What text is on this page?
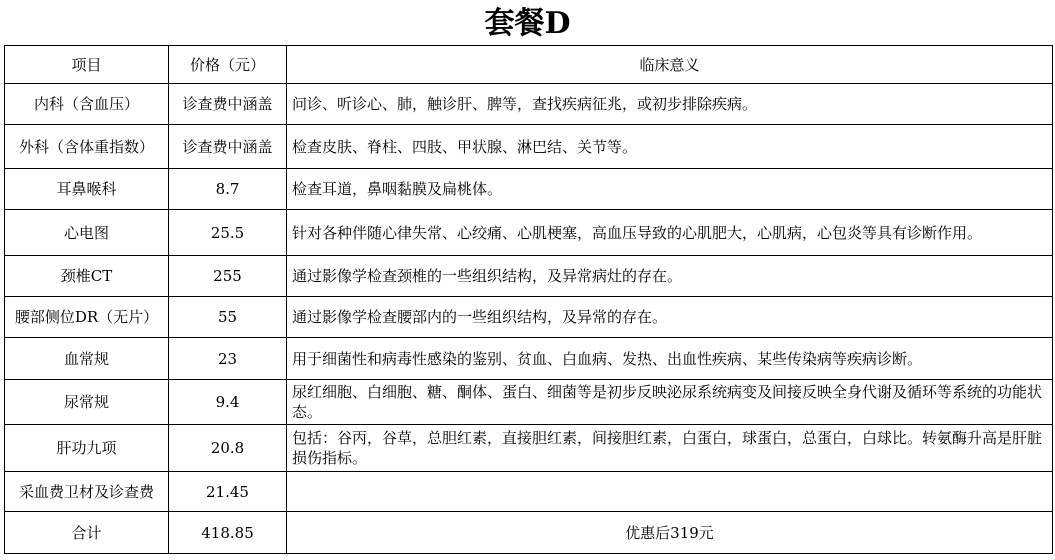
套餐D
项目	价格（元）	临床意义
内科（含血压）	诊查费中涵盖	问诊、听诊心、肺，触诊肝、脾等，查找疾病征兆，或初步排除疾病。
外科（含体重指数）	诊查费中涵盖	检查皮肤、脊柱、四肢、甲状腺、淋巴结、关节等。
耳鼻喉科	8.7	检查耳道，鼻咽黏膜及扁桃体。
心电图	25.5	针对各种伴随心律失常、心绞痛、心肌梗塞，高血压导致的心肌肥大，心肌病，心包炎等具有诊断作用。
颈椎CT	255	通过影像学检查颈椎的一些组织结构，及异常病灶的存在。
腰部侧位DR（无片）	55	通过影像学检查腰部内的一些组织结构，及异常的存在。
血常规	23	用于细菌性和病毒性感染的鉴别、贫血、白血病、发热、出血性疾病、某些传染病等疾病诊断。
尿常规	9.4	尿红细胞、白细胞、糖、酮体、蛋白、细菌等是初步反映泌尿系统病变及间接反映全身代谢及循环等系统的功能状态。
肝功九项	20.8	包括：谷丙，谷草，总胆红素，直接胆红素，间接胆红素，白蛋白，球蛋白，总蛋白，白球比。转氨酶升高是肝脏损伤指标。
采血费卫材及诊查费	21.45	
合计	418.85	优惠后319元
